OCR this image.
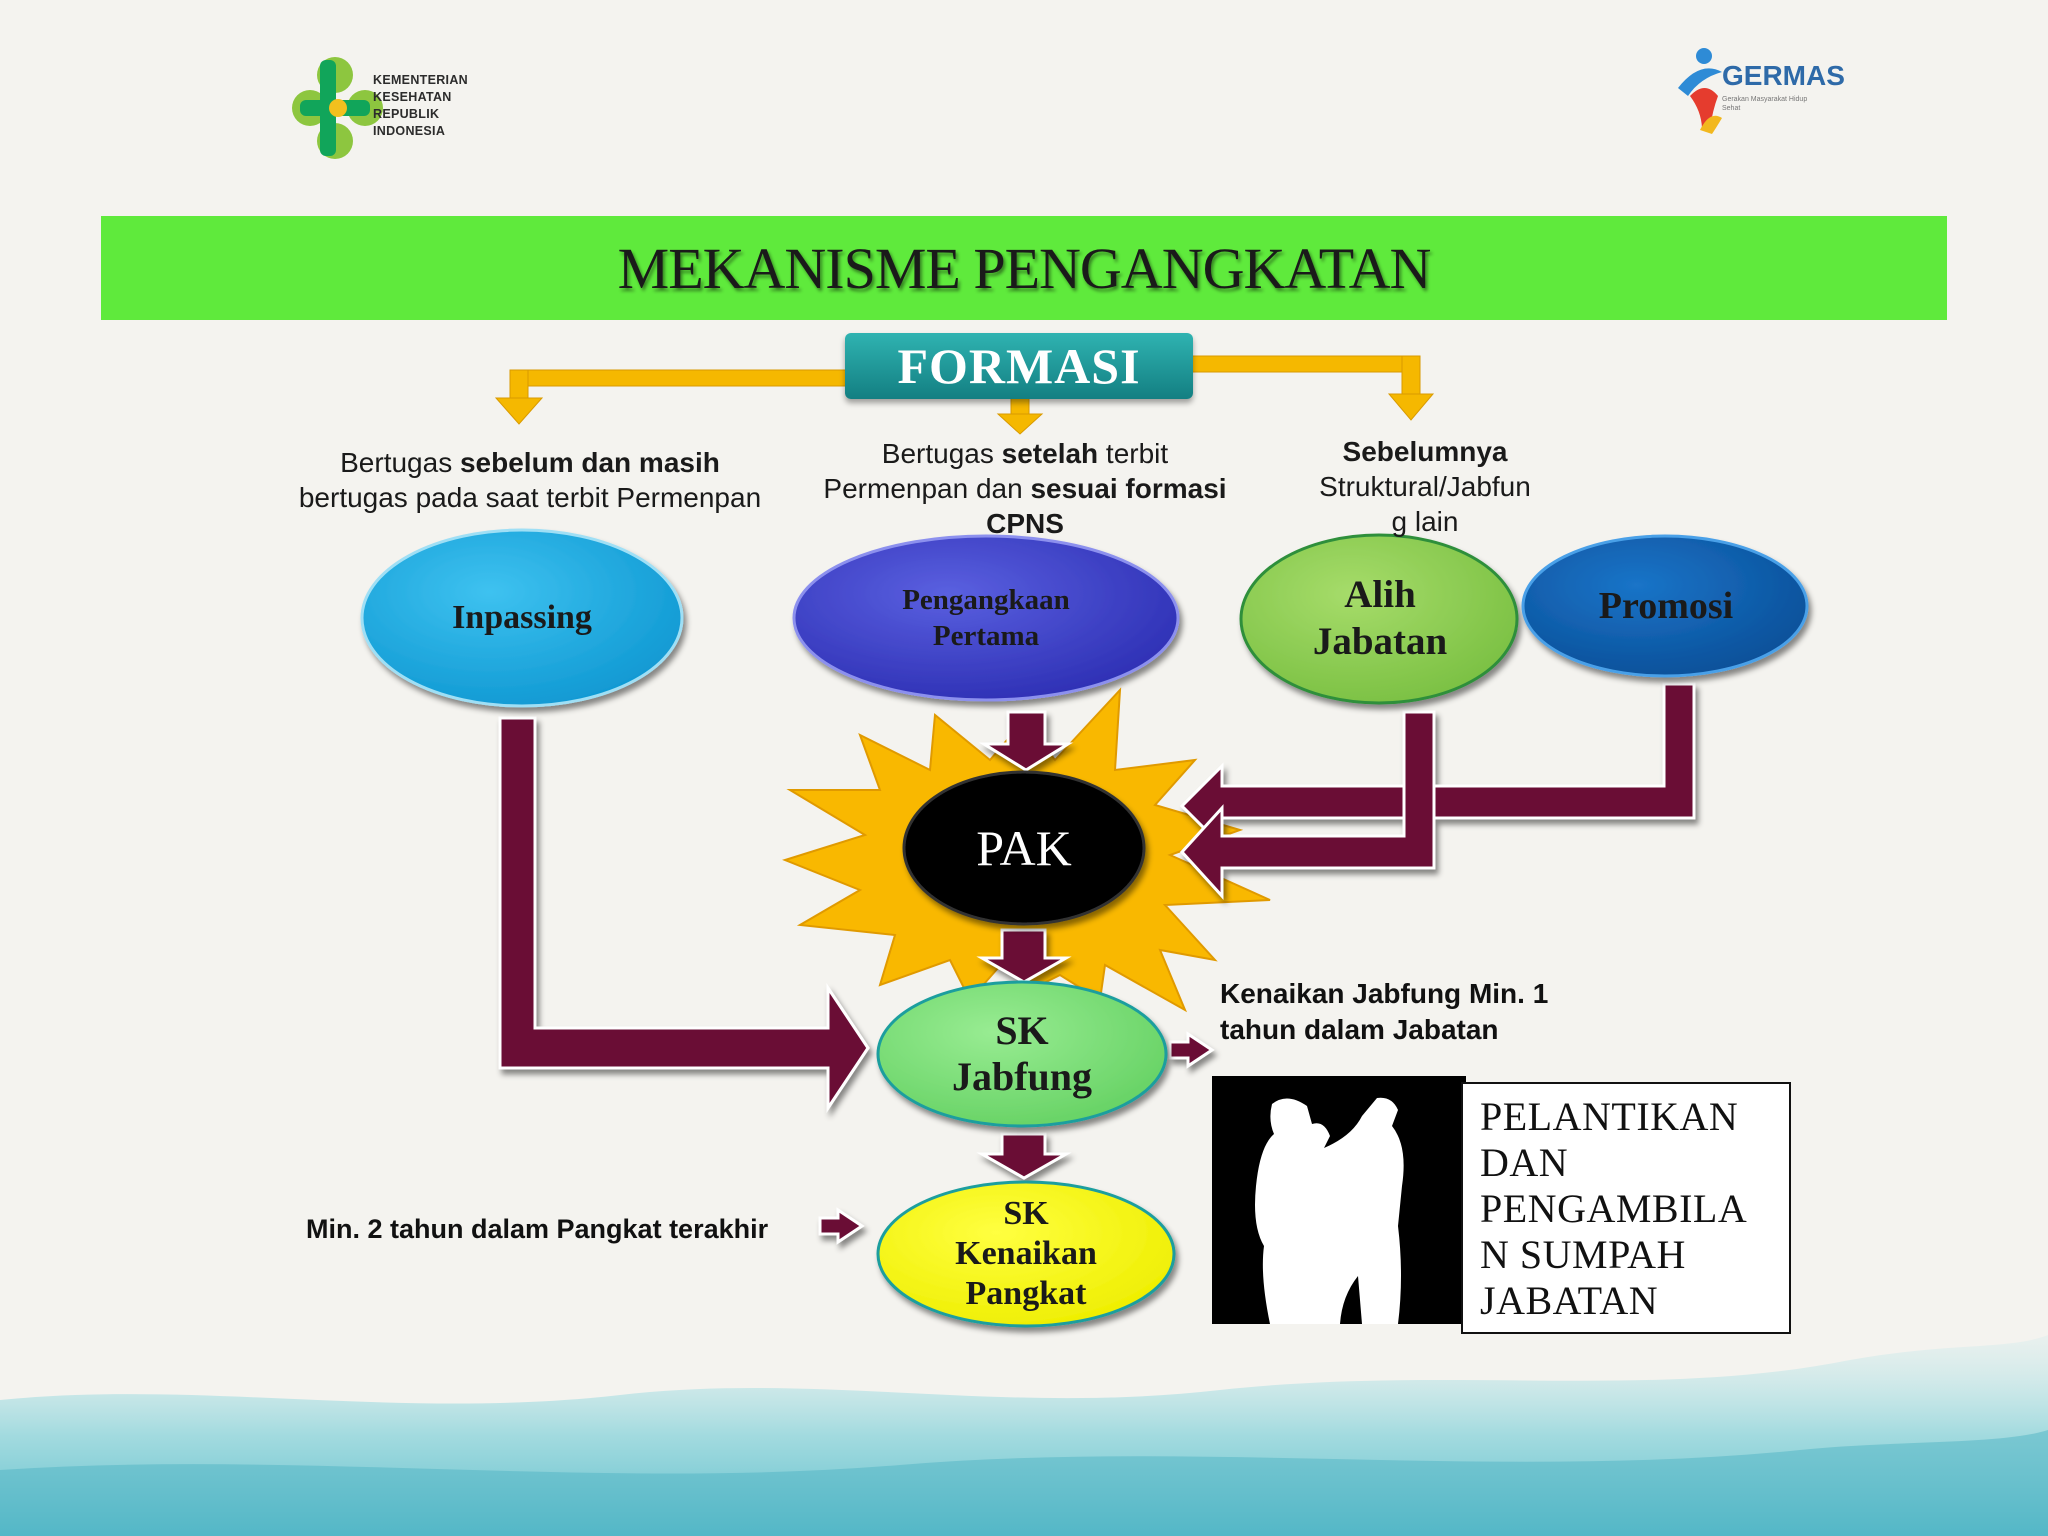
KEMENTERIAN
KESEHATAN
REPUBLIK
INDONESIA
GERMAS
Gerakan Masyarakat Hidup Sehat
MEKANISME PENGANGKATAN
FORMASI
Bertugas sebelum dan masih
bertugas pada saat terbit Permenpan
Bertugas setelah terbit
Permenpan dan sesuai formasi
CPNS
Sebelumnya
Struktural/Jabfun
g lain
Inpassing	Pengangkaan
Pertama
Alih
Jabatan
Promosi
PAK
SK
Jabfung
SK
Kenaikan
Pangkat
Kenaikan Jabfung Min. 1
tahun dalam Jabatan
Min. 2 tahun dalam Pangkat terakhir
PELANTIKAN
DAN
PENGAMBILA
N SUMPAH
JABATAN
